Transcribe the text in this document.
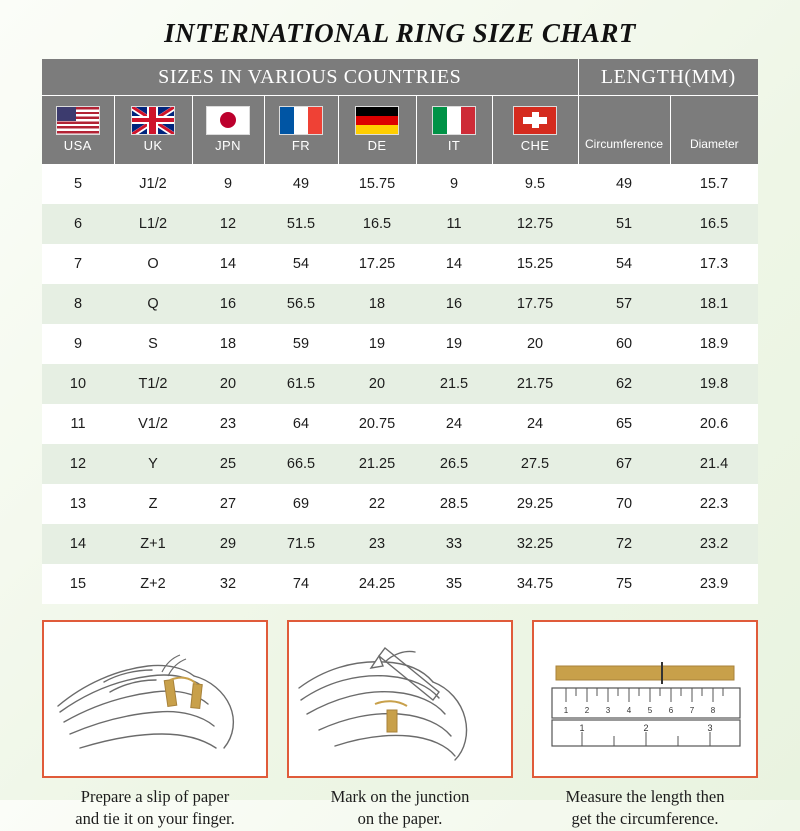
INTERNATIONAL RING SIZE CHART
SIZES IN VARIOUS COUNTRIES							LENGTH(MM)	

USA	UK	JPN	FR	DE	IT	CHE	Circumference	Diameter

5	J1/2	9	49	15.75	9	9.5	49	15.7
6	L1/2	12	51.5	16.5	11	12.75	51	16.5
7	O	14	54	17.25	14	15.25	54	17.3
8	Q	16	56.5	18	16	17.75	57	18.1
9	S	18	59	19	19	20	60	18.9
10	T1/2	20	61.5	20	21.5	21.75	62	19.8
11	V1/2	23	64	20.75	24	24	65	20.6
12	Y	25	66.5	21.25	26.5	27.5	67	21.4
13	Z	27	69	22	28.5	29.25	70	22.3
14	Z+1	29	71.5	23	33	32.25	72	23.2
15	Z+2	32	74	24.25	35	34.75	75	23.9
Prepare a slip of paper
and tie it on your finger.
Mark on the junction
on the paper.
1 2 3 4 5 6 7 8
1	2	3
Measure the length then
get the circumference.
